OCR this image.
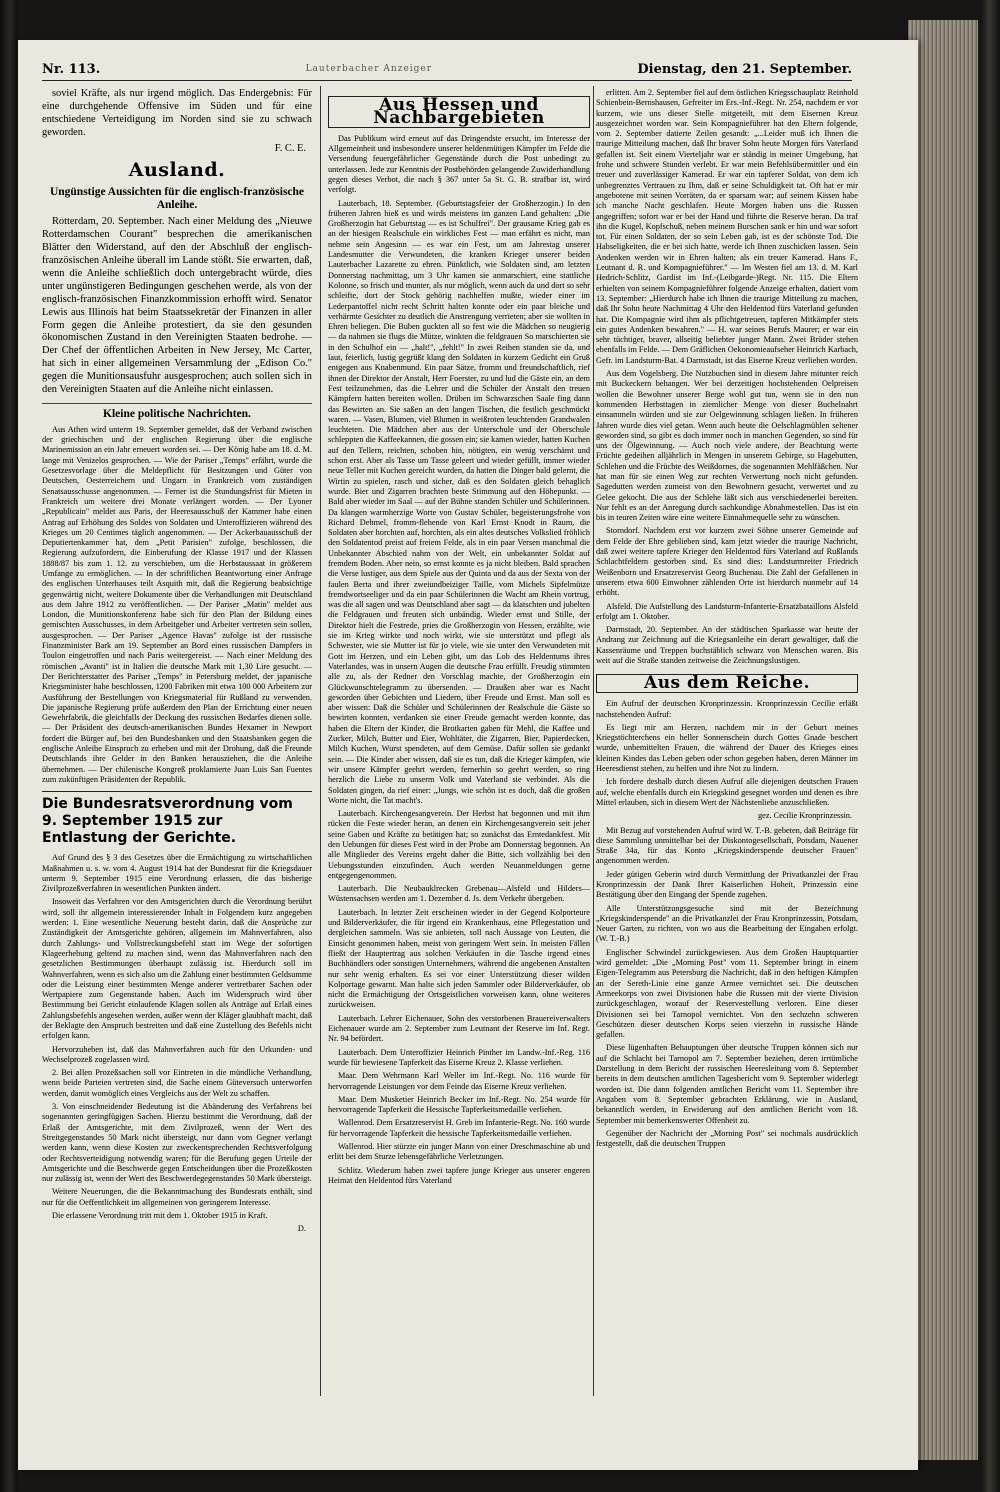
Nr. 113.	Lauterbacher Anzeiger	Dienstag, den 21. September.

soviel Kräfte, als nur irgend möglich. Das Endergebnis: Für eine durchgehende Offensive im Süden und für eine entschiedene Verteidigung im Norden sind sie zu schwach geworden.

F. C. E.
Ausland.
Ungünstige Aussichten für die englisch-französische Anleihe.

Rotterdam, 20. September. Nach einer Meldung des „Nieuwe Rotterdamschen Courant" besprechen die amerikanischen Blätter den Widerstand, auf den der Abschluß der englisch-französischen Anleihe überall im Lande stößt. Sie erwarten, daß, wenn die Anleihe schließlich doch untergebracht würde, dies unter ungünstigeren Bedingungen geschehen werde, als von der englisch-französischen Finanzkommission erhofft wird. Senator Lewis aus Illinois hat beim Staatssekretär der Finanzen in aller Form gegen die Anleihe protestiert, da sie den gesunden ökonomischen Zustand in den Vereinigten Staaten bedrohe. — Der Chef der öffentlichen Arbeiten in New Jersey, Mc Carter, hat sich in einer allgemeinen Versammlung der „Edison Co." gegen die Munitionsausfuhr ausgesprochen; auch sollen sich in den Vereinigten Staaten auf die Anleihe nicht einlassen.

Kleine politische Nachrichten.

Aus Athen wird unterm 19. September gemeldet, daß der Verband zwischen der griechischen und der englischen Regierung über die englische Marinemission an ein Jahr erneuert worden sei. — Der König habe am 18. d. M. lange mit Venizelos gesprochen. — Wie der Pariser „Temps" erfährt, wurde die Gesetzesvorlage über die Meldepflicht für Besitzungen und Güter von Deutschen, Oesterreichern und Ungarn in Frankreich vom zuständigen Senatsausschusse angenommen. — Ferner ist die Stundungsfrist für Mieten in Frankreich um weitere drei Monate verlängert worden. — Der Lyoner „Republicain" meldet aus Paris, der Heeresausschuß der Kammer habe einen Antrag auf Erhöhung des Soldes von Soldaten und Unteroffizieren während des Krieges um 20 Centimes täglich angenommen. — Der Ackerbauausschuß der Deputiertenkammer hat, dem „Petit Parisien" zufolge, beschlossen, die Regierung aufzufordern, die Einberufung der Klasse 1917 und der Klassen 1888/87 bis zum 1. 12. zu verschieben, um die Herbstaussaat in größerem Umfange zu ermöglichen. — In der schriftlichen Beantwortung einer Anfrage des englischen Unterhauses teilt Asquith mit, daß die Regierung beabsichtige gegenwärtig nicht, weitere Dokumente über die Verhandlungen mit Deutschland aus dem Jahre 1912 zu veröffentlichen. — Der Pariser „Matin" meldet aus London, die Munitionskonferenz habe sich für den Plan der Bildung eines gemischten Ausschusses, in dem Arbeitgeber und Arbeiter vertreten sein sollen, ausgesprochen. — Der Pariser „Agence Havas" zufolge ist der russische Finanzminister Bark am 19. September an Bord eines russischen Dampfers in Toulon eingetroffen und nach Paris weitergereist. — Nach einer Meldung des römischen „Avanti" ist in Italien die deutsche Mark mit 1,30 Lire gesucht. — Der Berichterstatter des Pariser „Temps" in Petersburg meldet, der japanische Kriegsminister habe beschlossen, 1200 Fabriken mit etwa 100 000 Arbeitern zur Ausführung der Bestellungen von Kriegsmaterial für Rußland zu verwenden. Die japanische Regierung prüfe außerdem den Plan der Errichtung einer neuen Gewehrfabrik, die gleichfalls der Deckung des russischen Bedarfes dienen solle. — Der Präsident des deutsch-amerikanischen Bundes Hexamer in Newport fordert die Bürger auf, bei den Bundesbanken und den Staatsbanken gegen die englische Anleihe Einspruch zu erheben und mit der Drohung, daß die Freunde Deutschlands ihre Gelder in den Banken herausziehen, die die Anleihe übernehmen. — Der chilenische Kongreß proklamierte Juan Luis San Fuentes zum zukünftigen Präsidenten der Republik.

Die Bundesratsverordnung vom 9. September 1915 zur Entlastung der Gerichte.

Auf Grund des § 3 des Gesetzes über die Ermächtigung zu wirtschaftlichen Maßnahmen u. s. w. vom 4. August 1914 hat der Bundesrat für die Kriegsdauer unterm 9. September 1915 eine Verordnung erlassen, die das bisherige Zivilprozeßverfahren in wesentlichen Punkten ändert.

Insoweit das Verfahren vor den Amtsgerichten durch die Verordnung berührt wird, soll ihr allgemein interessierender Inhalt in Folgendem kurz angegeben werden: 1. Eine wesentliche Neuerung besteht darin, daß die Ansprüche zur Zuständigkeit der Amtsgerichte gehören, allgemein im Mahnverfahren, also durch Zahlungs- und Vollstreckungsbefehl statt im Wege der sofortigen Klageerhebung geltend zu machen sind, wenn das Mahnverfahren nach den gesetzlichen Bestimmungen überhaupt zulässig ist. Hierdurch soll im Wahnverfahren, wenn es sich also um die Zahlung einer bestimmten Geldsumme oder die Leistung einer bestimmten Menge anderer vertretbarer Sachen oder Wertpapiere zum Gegenstande haben. Auch im Widerspruch wird über Bestimmung bei Gericht einlaufende Klagen sollen als Anträge auf Erlaß eines Zahlungsbefehls angesehen werden, außer wenn der Kläger glaubhaft macht, daß der Beklagte den Anspruch bestreiten und daß eine Zustellung des Befehls nicht erfolgen kann.

Hervorzuheben ist, daß das Mahnverfahren auch für den Urkunden- und Wechselprozeß zugelassen wird.

2. Bei allen Prozeßsachen soll vor Eintreten in die mündliche Verhandlung, wenn beide Parteien vertreten sind, die Sache einem Güteversuch unterworfen werden, damit womöglich eines Vergleichs aus der Welt zu schaffen.

3. Von einschneidender Bedeutung ist die Abänderung des Verfahrens bei sogenannten geringfügigen Sachen. Hierzu bestimmt die Verordnung, daß der Erlaß der Amtsgerichte, mit dem Zivilprozeß, wenn der Wert des Streitgegenstandes 50 Mark nicht übersteigt, nur dann vom Gegner verlangt werden kann, wenn diese Kosten zur zweckentsprechenden Rechtsverfolgung oder Rechtsverteidigung notwendig waren; für die Berufung gegen Urteile der Amtsgerichte und die Beschwerde gegen Entscheidungen über die Prozeßkosten nur zulässig ist, wenn der Wert des Beschwerdegegenstandes 50 Mark übersteigt.

Weitere Neuerungen, die die Bekanntmachung des Bundesrats enthält, sind nur für die Oeffentlichkeit im allgemeinen von geringerem Interesse.

Die erlassene Verordnung tritt mit dem 1. Oktober 1915 in Kraft.

D.
Aus Hessen und Nachbargebieten

Das Publikum wird erneut auf das Dringendste ersucht, im Interesse der Allgemeinheit und insbesondere unserer heldenmütigen Kämpfer im Felde die Versendung feuergefährlicher Gegenstände durch die Post unbedingt zu unterlassen. Jede zur Kenntnis der Postbehörden gelangende Zuwiderhandlung gegen dieses Verbot, die nach § 367 unter 5a St. G. B. strafbar ist, wird verfolgt.

Lauterbach, 18. September. (Geburtstagsfeier der Großherzogin.) In den früheren Jahren hieß es und wirds meistens im ganzen Land gehalten: „Die Großherzogin hat Geburtstag — es ist Schulfrei". Der grausame Krieg gab es an der hiesigen Realschule ein wirkliches Fest — man erfährt es nicht, man nehme sein Angesinn — es war ein Fest, um am Jahrestag unserer Landesmutter die Verwundeten, die kranken Krieger unserer beiden Lauterbacher Lazarette zu ehren. Pünktlich, wie Soldaten sind, am letzten Donnerstag nachmittag, um 3 Uhr kamen sie anmarschiert, eine stattliche Kolonne, so frisch und munter, als nur möglich, wenn auch da und dort so sehr schleifte, dort der Stock gehörig nachhelfen mußte, wieder einer im Lederpantoffel nicht recht Schritt halten konnte oder ein paar bleiche und verhärmte Gesichter zu deutlich die Anstrengung verrieten; aber sie wollten in Ehren beliegen. Die Buben guckten all so fest wie die Mädchen so neugierig — da nahmen sie flugs die Mütze, winkten die feldgrauen So marschierten sie in den Schulhof ein — „halt!", „fehlt!" In zwei Reihen standen sie da, und laut, feierlich, lustig gegrüßt klang den Soldaten in kurzem Gedicht ein Gruß entgegen aus Knabenmund. Ein paar Sätze, fromm und freundschaftlich, rief ihnen der Direktor der Anstalt, Herr Foerster, zu und lud die Gäste ein, an dem Fest teilzunehmen, das die Lehrer und die Schüler der Anstalt den treuen Kämpfern hatten bereiten wollen. Drüben im Schwarzschen Saale fing dann das Bewirten an. Sie saßen an den langen Tischen, die festlich geschmückt waren. — Vasen, Blumen, viel Blumen in weißroten leuchtenden Grandwalen leuchteten. Die Mädchen aber aus der Unterschule und der Oberschule schleppten die Kaffeekannen, die gossen ein; sie kamen wieder, hatten Kuchen auf den Tellern, reichten, schoben hin, nötigten, ein wenig verschämt und schon erst. Aber als Tasse um Tasse geleert und wieder gefüllt, immer wieder neue Teller mit Kuchen gereicht wurden, da hatten die Dinger bald gelernt, die Wirtin zu spielen, rasch und sicher, daß es den Soldaten gleich behaglich wurde. Bier und Zigarren brachten beste Stimmung auf den Höhepunkt. — Bald aber wieder im Saal — auf der Bühne standen Schüler und Schülerinnen. Da klangen warmherzige Worte von Gustav Schüler, begeisterungsfrohe von Richard Dehmel, fromm-flehende von Karl Ernst Knodt in Raum, die Soldaten aber horchten auf, horchten, als ein altes deutsches Volkslied fröhlich den Soldatentod preist auf freiem Felde, als in ein paar Versen manchmal die Unbekannter Abschied nahm von der Welt, ein unbekannter Soldat auf fremdem Boden. Aber nein, so ernst konnte es ja nicht bleiben. Bald sprachen die Verse lustiger, aus dem Spiele aus der Quinta und da aus der Sexta von der faulen Berta und ihrer zweiundbeiziger Taille, vom Michels Sipfelmütze fremdwortseeliger und da ein paar Schülerinnen die Wacht am Rhein vortrug, was die all sagen und was Deutschland aber sagt — da klatschten und jubelten die Feldgrauen und freuten sich unbändig. Wieder ernst und Stille, der Direktor hielt die Festrede, pries die Großherzogin von Hessen, erzählte, wie sie im Krieg wirkte und noch wirkt, wie sie unterstützt und pflegt als Schwester, wie sie Mutter ist für jo viele, wie sie unter den Verwundeten mit Gott im Herzen, und ein Leben gibt, um das Lob des Heldentums ihres Vaterlandes, was in unsern Augen die deutsche Frau erfüllt. Freudig stimmten alle zu, als der Redner den Vorschlag machte, der Großherzogin ein Glückwunschtelegramm zu übersenden. — Draußen aber war es Nacht geworden über Gebichten und Liedern, über Freude und Ernst. Man soll es aber wissen: Daß die Schüler und Schülerinnen der Realschule die Gäste so bewirten konnten, verdanken sie einer Freude gemacht werden konnte, das haben die Eltern der Kinder, die Brotkarten gaben für Mehl, die Kaffee und Zucker, Milch, Butter und Eier, Wohltäter, die Zigarren, Bier, Papierdecken, Milch Kuchen, Wurst spendeten, auf dem Gemüse. Dafür sollen sie gedankt sein. — Die Kinder aber wissen, daß sie es tun, daß die Krieger kämpfen, wie wir unsere Kämpfer geehrt werden, fernerhin so geehrt werden, so ring herzlich die Liebe zu unserm Volk und Vaterland sie verbindet. Als die Soldaten gingen, da rief einer: „Jungs, wie schön ist es doch, daß die großen Worte nicht, die Tat macht's.

Lauterbach. Kirchengesangverein. Der Herbst hat begonnen und mit ihm rücken die Feste wieder heran, an denen ein Kirchengesangverein seit jeher seine Gaben und Kräfte zu betätigen hat; so zunächst das Erntedankfest. Mit den Uebungen für dieses Fest wird in der Probe am Donnerstag begonnen. An alle Mitglieder des Vereins ergeht daher die Bitte, sich vollzählig bei den Uebungsstunden einzufinden. Auch werden Neuanmeldungen gerne entgegengenommen.

Lauterbach. Die Neubauklrecken Grebenau—Alsfeld und Hilders—Wüstensachsen werden am 1. Dezember d. Js. dem Verkehr übergeben.

Lauterbach. In letzter Zeit erscheinen wieder in der Gegend Kolporteure und Bilderverkäufer, die für irgend ein Krankenhaus, eine Pflegestation und dergleichen sammeln. Was sie anbieten, soll nach Aussage von Leuten, die Einsicht genommen haben, meist von geringem Wert sein. In meisten Fällen fließt der Hauptertrag aus solchen Verkäufen in die Tasche irgend eines Buchhändlers oder sonstigen Unternehmers, während die angebenen Anstalten nur sehr wenig erhalten. Es sei vor einer Unterstützung dieser wilden Kolportage gewarnt. Man halte sich jeden Sammler oder Bilderverkäufer, ob nicht die Ermächtigung der Ortsgeistlichen vorweisen kann, ohne weiteres zurückweisen.

Lauterbach. Lehrer Eichenauer, Sohn des verstorbenen Brauereiverwalters Eichenauer wurde am 2. September zum Leutnant der Reserve im Inf. Regt. Nr. 94 befördert.

Lauterbach. Dem Unteroffizier Heinrich Pinther im Landw.-Inf.-Reg. 116 wurde für bewiesene Tapferkeit das Eiserne Kreuz 2. Klasse verliehen.

Maar. Dem Wehrmann Karl Weller im Inf.-Regt. No. 116 wurde für hervorragende Leistungen vor dem Feinde das Eiserne Kreuz verliehen.

Maar. Dem Musketier Heinrich Becker im Inf.-Regt. No. 254 wurde für hervorragende Tapferkeit die Hessische Tapferkeitsmedaille verliehen.

Wallenrod. Dem Ersatzreservist H. Greb im Infanterie-Regt. No. 160 wurde für hervorragende Tapferkeit die hessische Tapferkeitsmedaille verliehen.

Wallenrod. Hier stürzte ein junger Mann von einer Dreschmaschine ab und erlitt bei dem Sturze lebensgefährliche Verletzungen.

Schlitz. Wiederum haben zwei tapfere junge Krieger aus unserer engeren Heimat den Heldentod fürs Vaterland

erlitten. Am 2. September fiel auf dem östlichen Kriegsschauplatz Reinhold Schienbein-Bernshausen, Gefreiter im Ers.-Inf.-Regt. Nr. 254, nachdem er vor kurzem, wie uns dieser Stelle mitgeteilt, mit dem Eisernen Kreuz ausgezeichnet worden war. Sein Kompagnieführer hat den Eltern folgende, vom 2. September datierte Zeilen gesandt: „...Leider muß ich Ihnen die traurige Mitteilung machen, daß Ihr braver Sohn heute Morgen fürs Vaterland gefallen ist. Seit einem Vierteljahr war er ständig in meiner Umgebung, hat frohe und schwere Stunden verlebt. Er war mein Befehlsübermittler und ein treuer und zuverlässiger Kamerad. Er war ein tapferer Soldat, von dem ich unbegrenztes Vertrauen zu Ihm, daß er seine Schuldigkeit tat. Oft hat er mir angebotene mit seinen Vorräten, da er sparsam war; auf seinem Kissen habe ich manche Nacht geschlafen. Heute Morgen haben uns die Russen angegriffen; sofort war er bei der Hand und führte die Reserve heran. Da traf ihn die Kugel, Kopfschuß, neben meinem Burschen sank er hin und war sofort tot. Für einen Soldaten, der so sein Leben gab, ist es der schönste Tod. Die Habseligkeiten, die er bei sich hatte, werde ich Ihnen zuschicken lassen. Sein Andenken werden wir in Ehren halten; als ein treuer Kamerad. Hans F., Leutnant d. R. und Kompagnieführer." — Im Westen fiel am 13. d. M. Karl Hedrich-Schlitz, Gardist im Inf.-(Leibgarde-)Regt. Nr. 115. Die Eltern erhielten von seinem Kompagnieführer folgende Anzeige erhalten, datiert vom 13. September: „Hierdurch habe ich Ihnen die traurige Mitteilung zu machen, daß Ihr Sohn heute Nachmittag 4 Uhr den Heldentod fürs Vaterland gefunden hat. Die Kompagnie wird ihm als pflichtgetreuen, tapferen Mitkämpfer stets ein gutes Andenken bewahren." — H. war seines Berufs Maurer; er war ein sehr tüchtiger, braver, allseitig beliebter junger Mann. Zwei Brüder stehen ebenfalls im Felde. — Dem Gräflichen Oekonomieaufseher Heinrich Karbach, Gefr. im Landsturm-Bat. 4 Darmstadt, ist das Eiserne Kreuz verliehen worden.

Aus dem Vogelsberg. Die Nutzbuchen sind in diesem Jahre mitunter reich mit Buckeckern behangen. Wer bei derzeitigen hochstehenden Oelpreisen wollen die Bewohner unserer Berge wohl gut tun, wenn sie in den nun kommenden Herbsttagen in ziemlicher Menge von dieser Buchelnahrt einsammeln würden und sie zur Oelgewinnung schlagen ließen. In früheren Jahren wurde dies viel getan. Wenn auch heute die Oelschlagmühlen seltener geworden sind, so gibt es doch immer noch in manchen Gegenden, so sind für uns der Ölgewinnung. — Auch noch viele andere, der Beachtung werte Früchte gedeihen alljährlich in Mengen in unserem Gebirge, so Hagebutten, Schlehen und die Früchte des Weißdornes, die sogenannten Mehlfäßchen. Nur hat man für sie einen Weg zur rechten Verwertung noch nicht gefunden. Sagedutten werden zumeist von den Bewohnern gesucht, verwertet und zu Gelee gekocht. Die aus der Schlehe läßt sich aus verschiedenerlei bereiten. Nur fehlt es an der Anregung durch sachkundige Abnahmestellen. Das ist ein bis in teuren Zeiten wäre eine weitere Einnahmequelle sehr zu wünschen.

Storndorf. Nachdem erst vor kurzem zwei Söhne unserer Gemeinde auf dem Felde der Ehre geblieben sind, kam jetzt wieder die traurige Nachricht, daß zwei weitere tapfere Krieger den Heldentod fürs Vaterland auf Rußlands Schlachtfeldern gestorben sind. Es sind dies: Landsturmreiter Friedrich Weißenborn und Ersatzreservist Georg Buchenau. Die Zahl der Gefallenen in unserem etwa 600 Einwohner zählenden Orte ist hierdurch nunmehr auf 14 erhöht.

Alsfeld. Die Aufstellung des Landsturm-Infanterie-Ersatzbataillons Alsfeld erfolgt am 1. Oktober.

Darmstadt, 20. September. An der städtischen Sparkasse war heute der Andrang zur Zeichnung auf die Kriegsanleihe ein derart gewaltiger, daß die Kassenräume und Treppen buchstäblich schwarz von Menschen waren. Bis weit auf die Straße standen zeitweise die Zeichnungslustigen.

Aus dem Reiche.

Ein Aufruf der deutschen Kronprinzessin. Kronprinzessin Cecilie erläßt nachstehenden Aufruf:

Es liegt mir am Herzen, nachdem mir in der Geburt meines Kriegstöchterchens ein heller Sonnenschein durch Gottes Gnade beschert wurde, unbemittelten Frauen, die während der Dauer des Krieges eines kleinen Kindes das Leben geben oder schon gegeben haben, deren Männer im Heeresdienst stehen, zu helfen und ihre Not zu lindern.

Ich fordere deshalb durch diesen Aufruf alle diejenigen deutschen Frauen auf, welche ebenfalls durch ein Kriegskind gesegnet worden und denen es ihre Mittel erlauben, sich in diesem Wert der Nächstenliebe anzuschließen.

gez. Cecilie Kronprinzessin.

Mit Bezug auf vorstehenden Aufruf wird W. T.-B. gebeten, daß Beiträge für diese Sammlung unmittelbar bei der Diskontogesellschaft, Potsdam, Nauener Straße 34a, für das Konto „Kriegskinderspende deutscher Frauen" angenommen werden.

Jeder gütigen Geberin wird durch Vermittlung der Privatkanzlei der Frau Kronprinzessin der Dank Ihrer Kaiserlichen Hoheit, Prinzessin eine Bestätigung über den Eingang der Spende zugehen.

Alle Unterstützungsgesuche sind mit der Bezeichnung „Kriegskinderspende" an die Privatkanzlei der Frau Kronprinzessin, Potsdam, Neuer Garten, zu richten, von wo aus die Bearbeitung der Eingaben erfolgt. (W. T.-B.)

Englischer Schwindel zurückgewiesen. Aus dem Großen Hauptquartier wird gemeldet: „Die „Morning Post" vom 11. September bringt in einem Eigen-Telegramm aus Petersburg die Nachricht, daß in den heftigen Kämpfen an der Sereth-Linie eine ganze Armee vernichtet sei. Die deutschen Armeekorps von zwei Divisionen habe die Russen mit der vierte Division zurückgeschlagen, worauf der Reservestellung verloren. Eine dieser Divisionen sei bei Tarnopol vernichtet. Von den sechzehn schweren Geschützen dieser deutschen Korps seien vierzehn in russische Hände gefallen.

Diese lügenhaften Behauptungen über deutsche Truppen können sich nur auf die Schlacht bei Tarnopol am 7. September beziehen, deren irrtümliche Darstellung in dem Bericht der russischen Heeresleitung vom 8. September bereits in dem deutschen amtlichen Tagesbericht vom 9. September widerlegt worden ist. Die dann folgenden amtlichen Bericht vom 11. September ihre Angaben vom 8. September gebrachten Erklärung, wie in Ausland, bekanntlich werden, in Erwiderung auf den amtlichen Bericht vom 18. September mit bemerkenswerter Offenheit zu.

Gegenüber der Nachricht der „Morning Post" sei nochmals ausdrücklich festgestellt, daß die deutschen Truppen
